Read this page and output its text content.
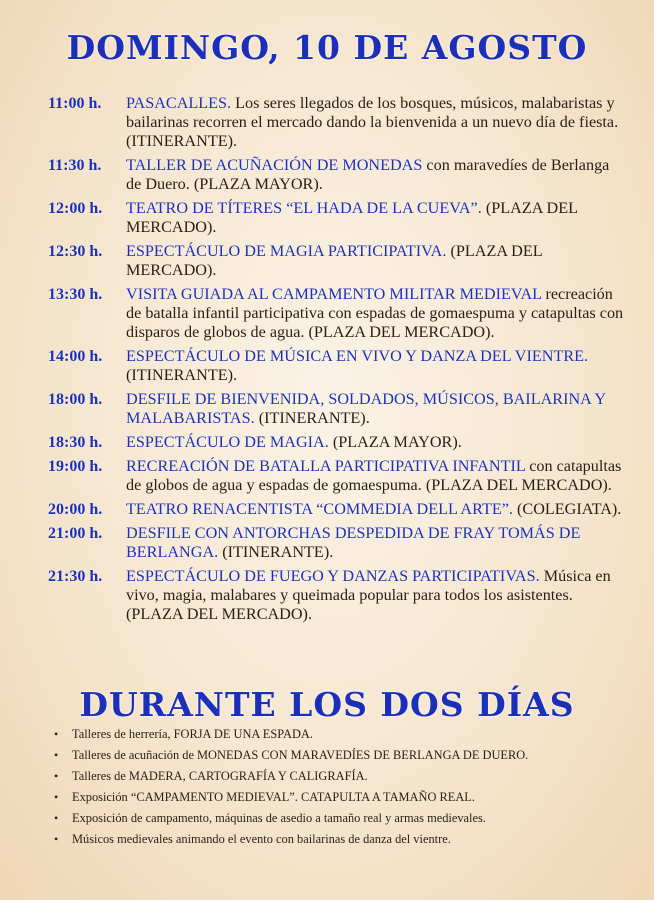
DOMINGO, 10 DE AGOSTO
11:00 h.	PASACALLES. Los seres llegados de los bosques, músicos, malabaristas y bailarinas recorren el mercado dando la bienvenida a un nuevo día de fiesta. (ITINERANTE).
11:30 h.	TALLER DE ACUÑACIÓN DE MONEDAS con maravedíes de Berlanga de Duero. (PLAZA MAYOR).
12:00 h.	TEATRO DE TÍTERES “EL HADA DE LA CUEVA”. (PLAZA DEL MERCADO).
12:30 h.	ESPECTÁCULO DE MAGIA PARTICIPATIVA. (PLAZA DEL MERCADO).
13:30 h.	VISITA GUIADA AL CAMPAMENTO MILITAR MEDIEVAL recreación de batalla infantil participativa con espadas de gomaespuma y catapultas con disparos de globos de agua. (PLAZA DEL MERCADO).
14:00 h.	ESPECTÁCULO DE MÚSICA EN VIVO Y DANZA DEL VIENTRE. (ITINERANTE).
18:00 h.	DESFILE DE BIENVENIDA, SOLDADOS, MÚSICOS, BAILARINA Y MALABARISTAS. (ITINERANTE).
18:30 h.	ESPECTÁCULO DE MAGIA. (PLAZA MAYOR).
19:00 h.	RECREACIÓN DE BATALLA PARTICIPATIVA INFANTIL con catapultas de globos de agua y espadas de gomaespuma. (PLAZA DEL MERCADO).
20:00 h.	TEATRO RENACENTISTA “COMMEDIA DELL ARTE”. (COLEGIATA).
21:00 h.	DESFILE CON ANTORCHAS DESPEDIDA DE FRAY TOMÁS DE BERLANGA. (ITINERANTE).
21:30 h.	ESPECTÁCULO DE FUEGO Y DANZAS PARTICIPATIVAS. Música en vivo, magia, malabares y queimada popular para todos los asistentes. (PLAZA DEL MERCADO).
DURANTE LOS DOS DÍAS
• Talleres de herrería, FORJA DE UNA ESPADA.
• Talleres de acuñación de MONEDAS CON MARAVEDÍES DE BERLANGA DE DUERO.
• Talleres de MADERA, CARTOGRAFÍA Y CALIGRAFÍA.
• Exposición “CAMPAMENTO MEDIEVAL”. CATAPULTA A TAMAÑO REAL.
• Exposición de campamento, máquinas de asedio a tamaño real y armas medievales.
• Músicos medievales animando el evento con bailarinas de danza del vientre.
